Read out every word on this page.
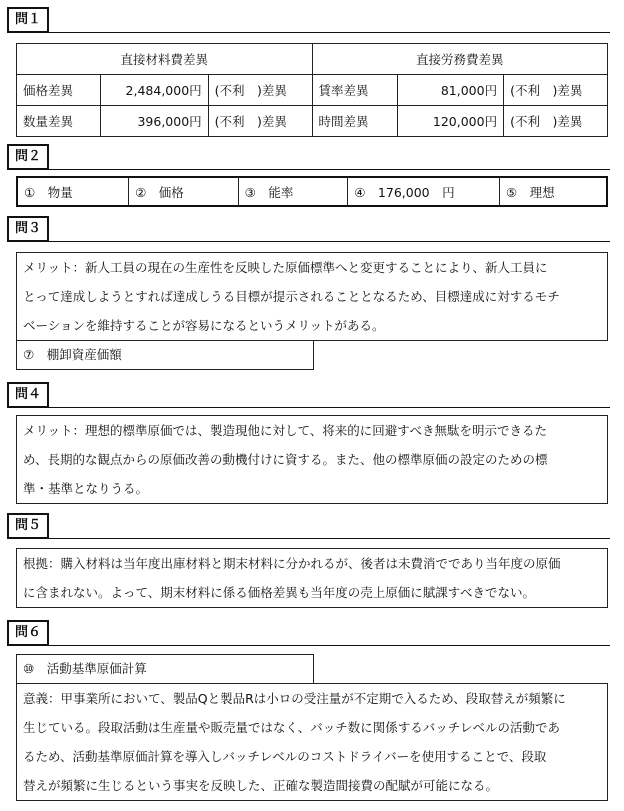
問１
直接材料費差異			直接労務費差異		
価格差異	2,484,000円	(不利　)差異	賃率差異	81,000円	(不利　)差異
数量差異	396,000円	(不利　)差異	時間差異	120,000円	(不利　)差異
問２
①　物量	②　価格	③　能率	④　176,000　円	⑤　理想
問３
メリット：新人工員の現在の生産性を反映した原価標準へと変更することにより、新人工員に
とって達成しようとすれば達成しうる目標が提示されることとなるため、目標達成に対するモチ
ベーションを維持することが容易になるというメリットがある。
⑦　棚卸資産価額
問４
メリット：理想的標準原価では、製造現他に対して、将来的に回避すべき無駄を明示できるた
め、長期的な観点からの原価改善の動機付けに資する。また、他の標準原価の設定のための標
準・基準となりうる。
問５
根拠：購入材料は当年度出庫材料と期末材料に分かれるが、後者は未費消でであり当年度の原価
に含まれない。よって、期末材料に係る価格差異も当年度の売上原価に賦課すべきでない。
問６
⑩　活動基準原価計算
意義：甲事業所において、製品Qと製品Rは小ロの受注量が不定期で入るため、段取替えが頻繁に
生じている。段取活動は生産量や販売量ではなく、バッチ数に関係するバッチレベルの活動であ
るため、活動基準原価計算を導入しバッチレベルのコストドライバーを使用することで、段取
替えが頻繁に生じるという事実を反映した、正確な製造間接費の配賦が可能になる。
